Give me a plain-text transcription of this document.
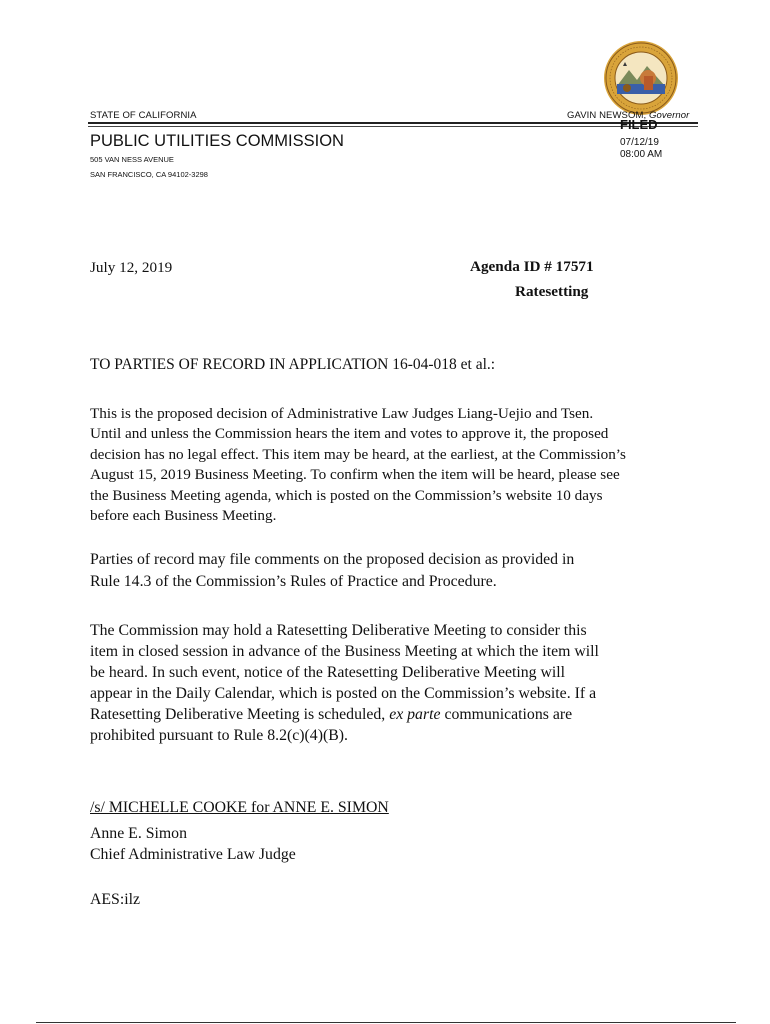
STATE OF CALIFORNIA	GAVIN NEWSOM, Governor
FILED
07/12/19
08:00 AM
PUBLIC UTILITIES COMMISSION
505 VAN NESS AVENUE
SAN FRANCISCO, CA 94102-3298
July 12, 2019	Agenda ID # 17571
Ratesetting
TO PARTIES OF RECORD IN APPLICATION 16-04-018 et al.:
This is the proposed decision of Administrative Law Judges Liang-Uejio and Tsen.
Until and unless the Commission hears the item and votes to approve it, the proposed
decision has no legal effect. This item may be heard, at the earliest, at the Commission’s
August 15, 2019 Business Meeting. To confirm when the item will be heard, please see
the Business Meeting agenda, which is posted on the Commission’s website 10 days
before each Business Meeting.
Parties of record may file comments on the proposed decision as provided in
Rule 14.3 of the Commission’s Rules of Practice and Procedure.
The Commission may hold a Ratesetting Deliberative Meeting to consider this
item in closed session in advance of the Business Meeting at which the item will
be heard. In such event, notice of the Ratesetting Deliberative Meeting will
appear in the Daily Calendar, which is posted on the Commission’s website. If a
Ratesetting Deliberative Meeting is scheduled, ex parte communications are
prohibited pursuant to Rule 8.2(c)(4)(B).
/s/ MICHELLE COOKE for ANNE E. SIMON
Anne E. Simon
Chief Administrative Law Judge
AES:ilz
